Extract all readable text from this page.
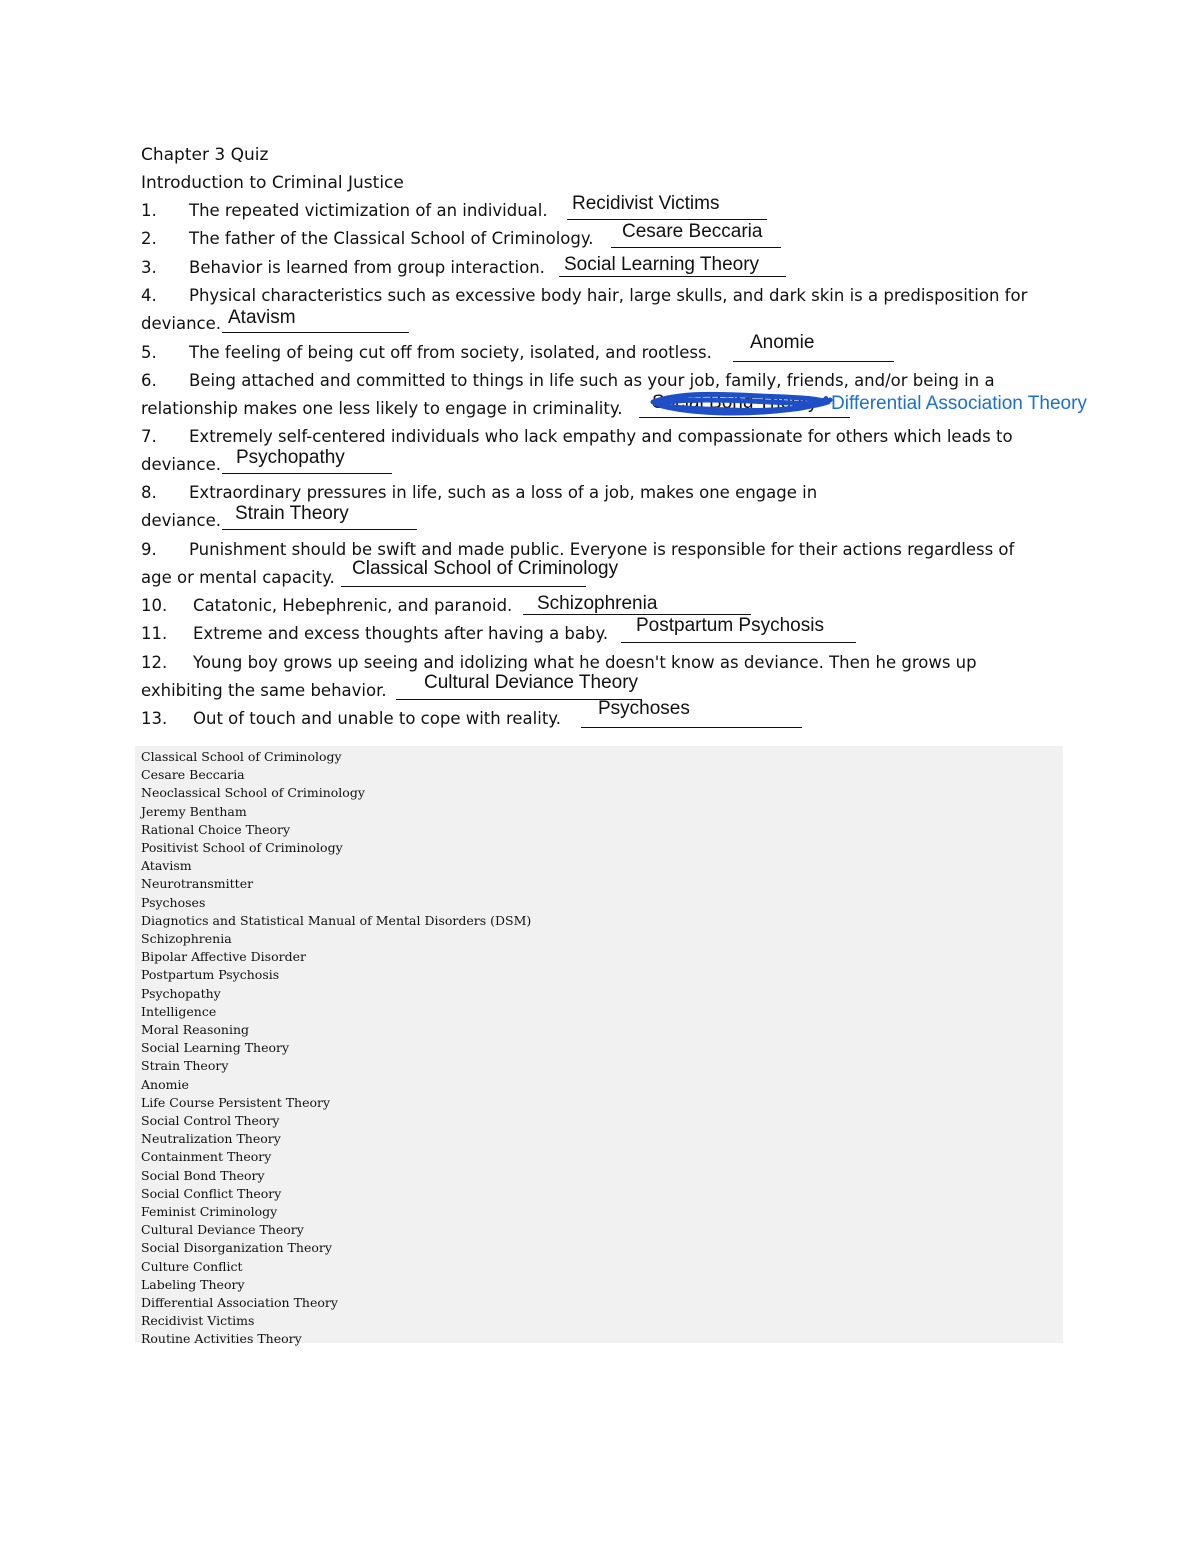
Chapter 3 Quiz
Introduction to Criminal Justice
1. The repeated victimization of an individual. Recidivist Victims
2. The father of the Classical School of Criminology. Cesare Beccaria
3. Behavior is learned from group interaction. Social Learning Theory
4. Physical characteristics such as excessive body hair, large skulls, and dark skin is a predisposition for
deviance. Atavism
5. The feeling of being cut off from society, isolated, and rootless. Anomie
6. Being attached and committed to things in life such as your job, family, friends, and/or being in a
relationship makes one less likely to engage in criminality. Social Bond Theory Differential Association Theory
7. Extremely self-centered individuals who lack empathy and compassionate for others which leads to
deviance. Psychopathy
8. Extraordinary pressures in life, such as a loss of a job, makes one engage in
deviance. Strain Theory
9. Punishment should be swift and made public. Everyone is responsible for their actions regardless of
age or mental capacity. Classical School of Criminology
10. Catatonic, Hebephrenic, and paranoid. Schizophrenia
11. Extreme and excess thoughts after having a baby. Postpartum Psychosis
12. Young boy grows up seeing and idolizing what he doesn't know as deviance. Then he grows up
exhibiting the same behavior. Cultural Deviance Theory
13. Out of touch and unable to cope with reality. Psychoses
Classical School of Criminology
Cesare Beccaria
Neoclassical School of Criminology
Jeremy Bentham
Rational Choice Theory
Positivist School of Criminology
Atavism
Neurotransmitter
Psychoses
Diagnotics and Statistical Manual of Mental Disorders (DSM)
Schizophrenia
Bipolar Affective Disorder
Postpartum Psychosis
Psychopathy
Intelligence
Moral Reasoning
Social Learning Theory
Strain Theory
Anomie
Life Course Persistent Theory
Social Control Theory
Neutralization Theory
Containment Theory
Social Bond Theory
Social Conflict Theory
Feminist Criminology
Cultural Deviance Theory
Social Disorganization Theory
Culture Conflict
Labeling Theory
Differential Association Theory
Recidivist Victims
Routine Activities Theory
